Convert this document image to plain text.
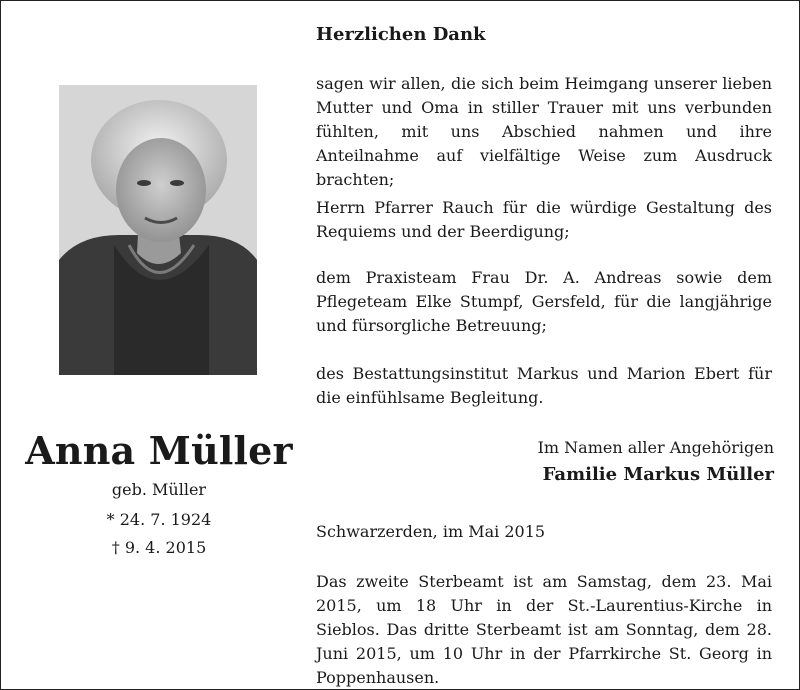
Anna Müller
geb. Müller
* 24. 7. 1924
† 9. 4. 2015
Herzlichen Dank
sagen wir allen, die sich beim Heimgang unserer lieben Mutter und Oma in stiller Trauer mit uns verbunden fühlten, mit uns Abschied nahmen und ihre Anteilnahme auf vielfältige Weise zum Ausdruck brachten;
Herrn Pfarrer Rauch für die würdige Gestaltung des Requiems und der Beerdigung;
dem Praxisteam Frau Dr. A. Andreas sowie dem Pflegeteam Elke Stumpf, Gersfeld, für die langjährige und fürsorgliche Betreuung;
des Bestattungsinstitut Markus und Marion Ebert für die einfühlsame Begleitung.
Im Namen aller Angehörigen
Familie Markus Müller
Schwarzerden, im Mai 2015
Das zweite Sterbeamt ist am Samstag, dem 23. Mai 2015, um 18 Uhr in der St.-Laurentius-Kirche in Sieblos. Das dritte Sterbeamt ist am Sonntag, dem 28. Juni 2015, um 10 Uhr in der Pfarrkirche St. Georg in Poppenhausen.
